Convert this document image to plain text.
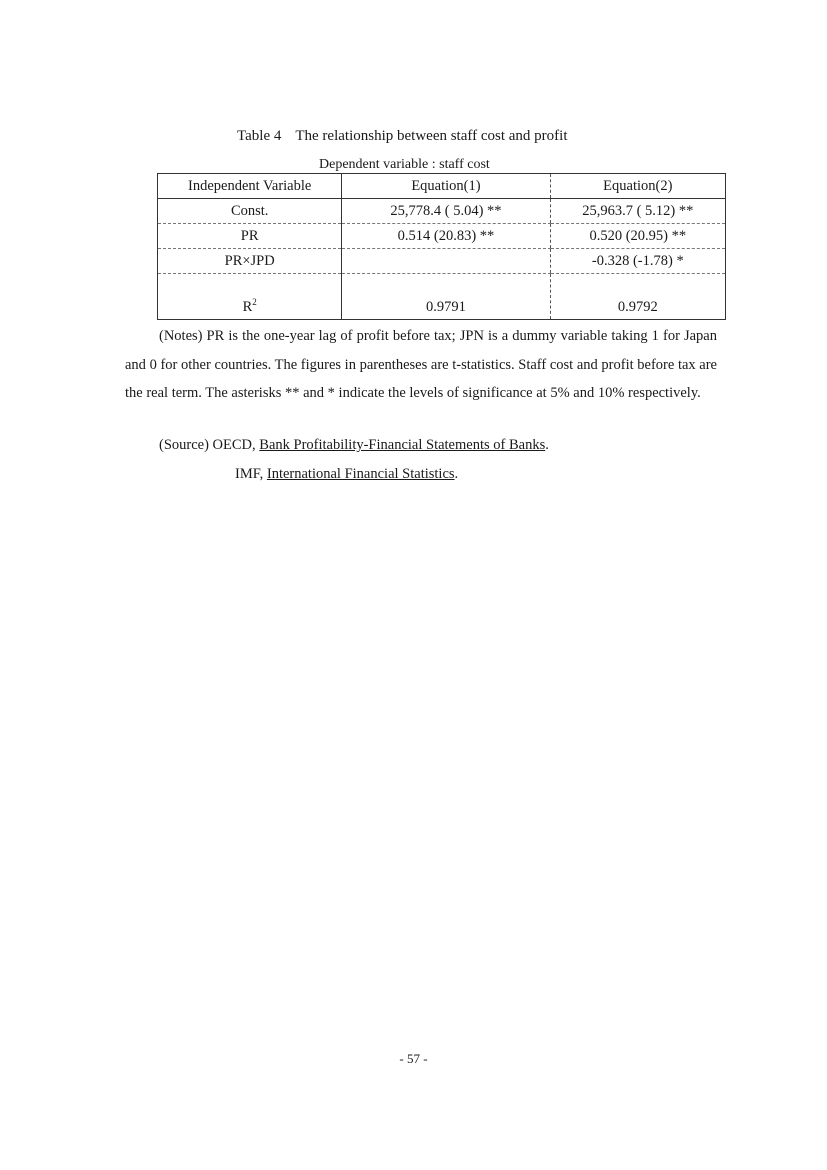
Table 4 The relationship between staff cost and profit
Dependent variable : staff cost
Independent Variable	Equation(1)	Equation(2)
Const.	25,778.4 ( 5.04) **	25,963.7 ( 5.12) **
PR	0.514 (20.83) **	0.520 (20.95) **
PR×JPD		-0.328 (-1.78) *
$R^2$	0.9791	0.9792

(Notes) PR is the one-year lag of profit before tax; JPN is a dummy variable taking 1 for Japan and 0 for other countries. The figures in parentheses are t-statistics. Staff cost and profit before tax are the real term. The asterisks ** and * indicate the levels of significance at 5% and 10% respectively.

(Source) OECD, Bank Profitability-Financial Statements of Banks.
IMF, International Financial Statistics.
- 57 -
